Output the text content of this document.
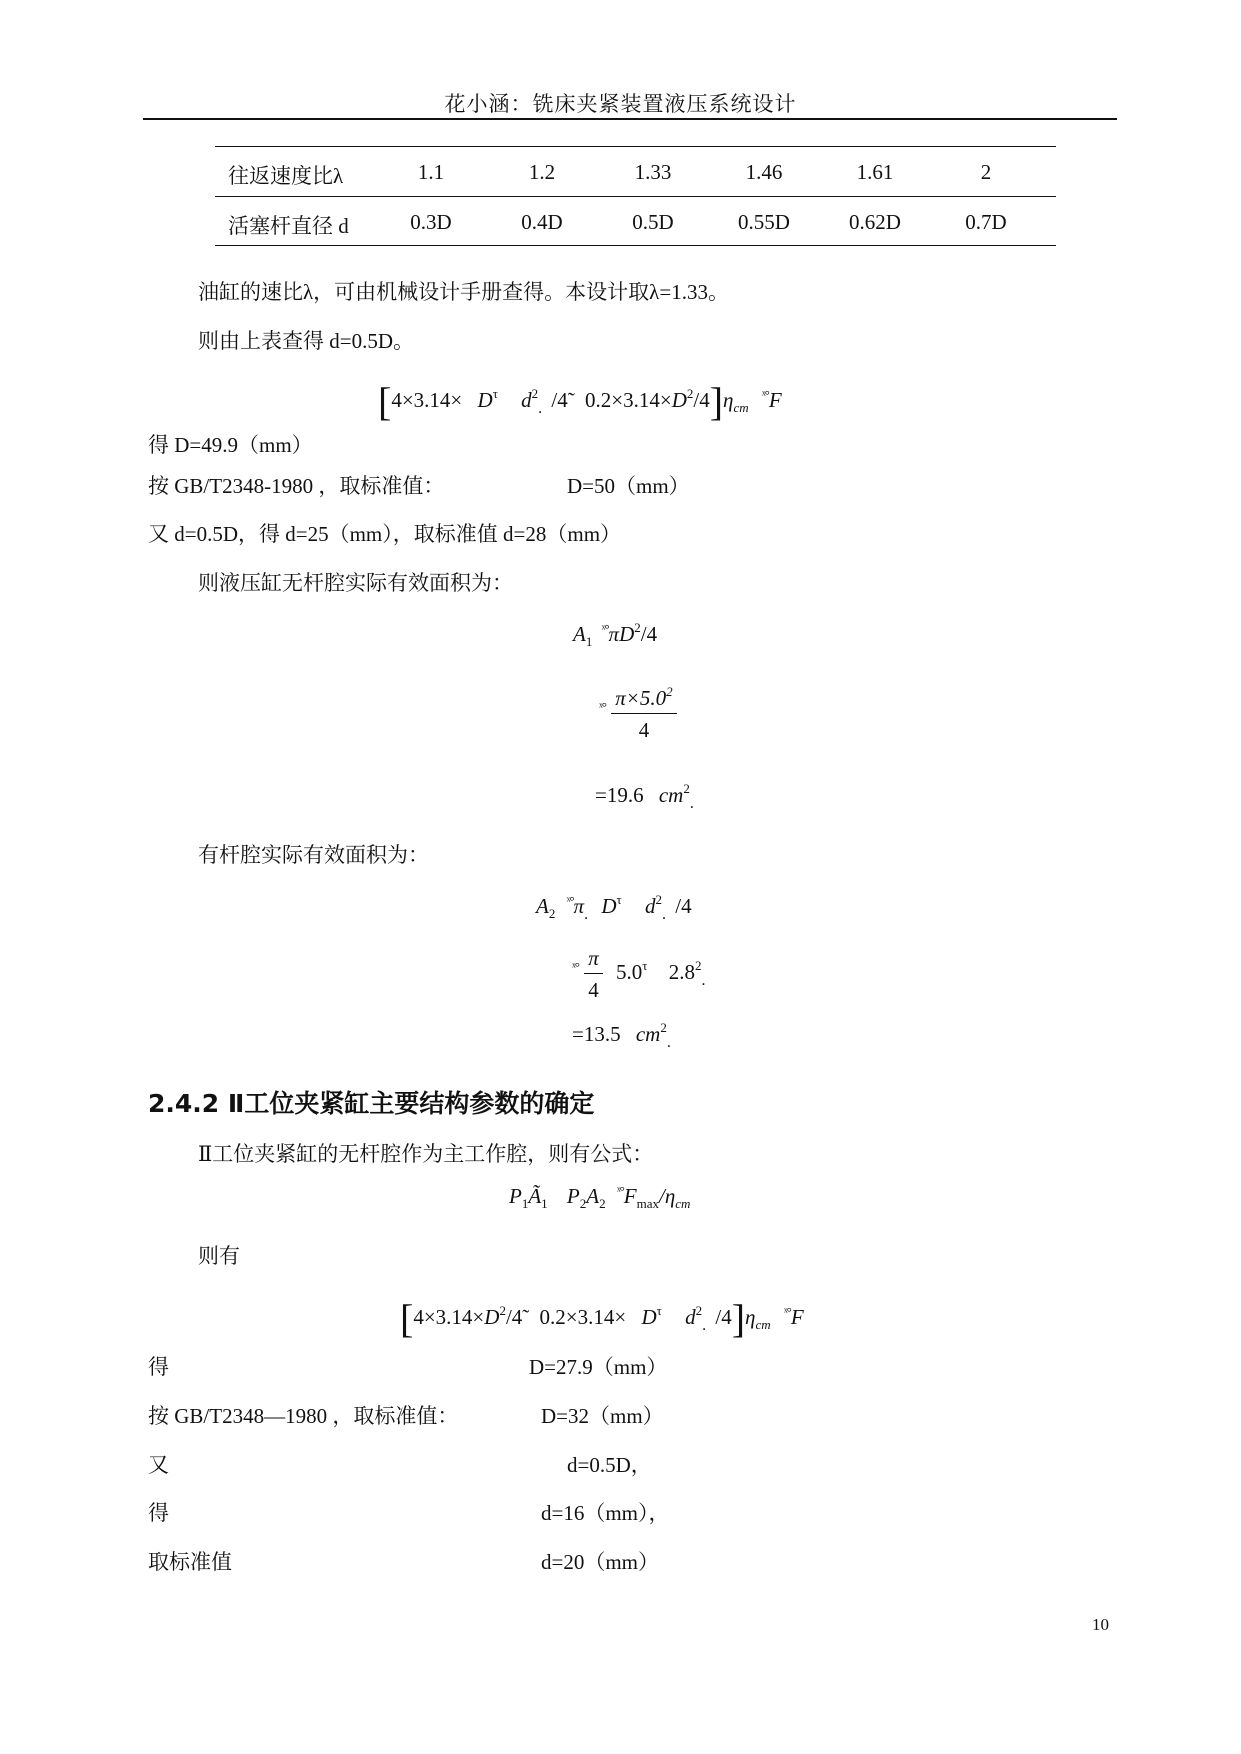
花小涵：铣床夹紧装置液压系统设计
往返速度比λ	1.1	1.2	1.33	1.46	1.61	2
活塞杆直径 d	0.3D	0.4D	0.5D	0.55D	0.62D	0.7D
油缸的速比λ，可由机械设计手册查得。本设计取λ=1.33。
则由上表查得 d=0.5D。
[$4\times 3.14\times D^\tau$ $d^2_.$ /4̃ $0.2\times 3.14\times D^2/4]\eta_{cm}$ $^{ˣ^\circ}$F
得 D=49.9（mm）
按 GB/T2348-1980 ，取标准值：	D=50（mm）
又 d=0.5D，得 d=25（mm），取标准值 d=28（mm）
则液压缸无杆腔实际有效面积为：
$A_1$ $^{ˣ^\circ}\pi D^2/4$
$^{ˣ^\circ} \frac{\pi\times 5.0^2}{4}$
=19.6 $cm^2_.$
有杆腔实际有效面积为：
$A_2$ $^{ˣ^\circ}\pi_.$ $D^\tau$ $d^2_.$ /4
$^{ˣ^\circ} \frac{\pi}{4} 5.0^\tau$ $2.8^2_.$
=13.5 $cm^2_.$
2.4.2 Ⅱ工位夹紧缸主要结构参数的确定
Ⅱ工位夹紧缸的无杆腔作为主工作腔，则有公式：
$P_1Ã_1$ $P_2A_2$ $^{ˣ^\circ}F_{max}/\eta_{cm}$
则有
[$4\times 3.14\times D^2/4̃$ $0.2\times 3.14\times D^\tau$ $d^2_.$ $/4]\eta_{cm}$ $^{ˣ^\circ}$F
得	D=27.9（mm）
按 GB/T2348—1980 ，取标准值：	D=32（mm）
又	d=0.5D，
得	d=16（mm），
取标准值	d=20（mm）
10
